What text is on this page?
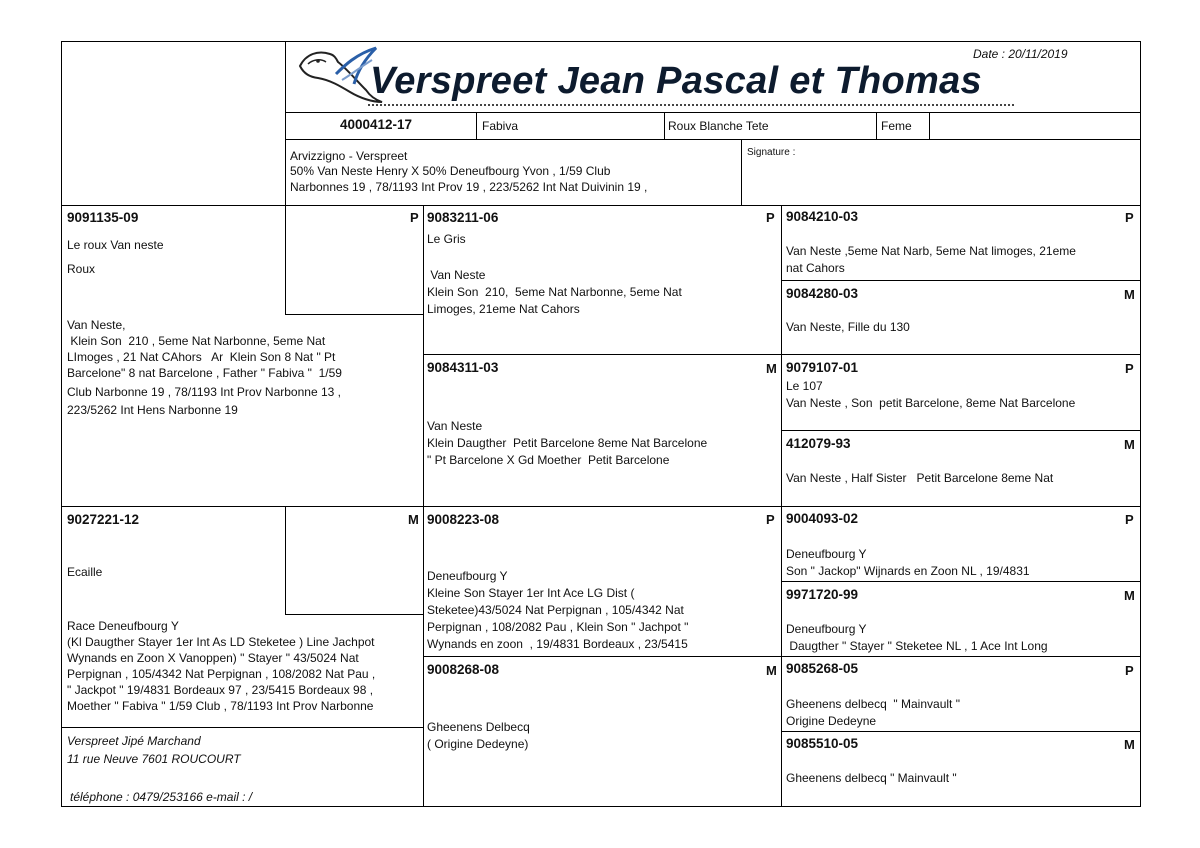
Verspreet Jean Pascal et Thomas
Date : 20/11/2019
4000412-17	Fabiva	Roux Blanche Tete	Feme
Arvizzigno - Verspreet
50% Van Neste Henry X 50% Deneufbourg Yvon , 1/59 Club
Narbonnes 19 , 78/1193 Int Prov 19 , 223/5262 Int Nat Duivinin 19 ,
Signature :
9091135-09	P
Le roux Van neste
Roux
Van Neste,
Klein Son  210 , 5eme Nat Narbonne, 5eme Nat
LImoges , 21 Nat CAhors   Ar  Klein Son 8 Nat " Pt
Barcelone" 8 nat Barcelone , Father " Fabiva "  1/59
Club Narbonne 19 , 78/1193 Int Prov Narbonne 13 ,
223/5262 Int Hens Narbonne 19
9027221-12	M
Ecaille
Race Deneufbourg Y
(Kl Daugther Stayer 1er Int As LD Steketee ) Line Jachpot
Wynands en Zoon X Vanoppen) " Stayer " 43/5024 Nat
Perpignan , 105/4342 Nat Perpignan , 108/2082 Nat Pau ,
" Jackpot " 19/4831 Bordeaux 97 , 23/5415 Bordeaux 98 ,
Moether " Fabiva " 1/59 Club , 78/1193 Int Prov Narbonne
Verspreet Jipé Marchand
11 rue Neuve 7601 ROUCOURT
téléphone : 0479/253166 e-mail : /
9083211-06	P
Le Gris
Van Neste
Klein Son  210,  5eme Nat Narbonne, 5eme Nat
Limoges, 21eme Nat Cahors
9084311-03	M
Van Neste
Klein Daugther  Petit Barcelone 8eme Nat Barcelone
" Pt Barcelone X Gd Moether  Petit Barcelone
9008223-08	P
Deneufbourg Y
Kleine Son Stayer 1er Int Ace LG Dist (
Steketee)43/5024 Nat Perpignan , 105/4342 Nat
Perpignan , 108/2082 Pau , Klein Son " Jachpot "
Wynands en zoon  , 19/4831 Bordeaux , 23/5415
9008268-08	M
Gheenens Delbecq
( Origine Dedeyne)
9084210-03	P
Van Neste ,5eme Nat Narb, 5eme Nat limoges, 21eme
nat Cahors
9084280-03	M
Van Neste, Fille du 130
9079107-01	P
Le 107
Van Neste , Son  petit Barcelone, 8eme Nat Barcelone
412079-93	M
Van Neste , Half Sister   Petit Barcelone 8eme Nat
9004093-02	P
Deneufbourg Y
Son " Jackop" Wijnards en Zoon NL , 19/4831
9971720-99	M
Deneufbourg Y
Daugther " Stayer " Steketee NL , 1 Ace Int Long
9085268-05	P
Gheenens delbecq  " Mainvault "
Origine Dedeyne
9085510-05	M
Gheenens delbecq " Mainvault "
